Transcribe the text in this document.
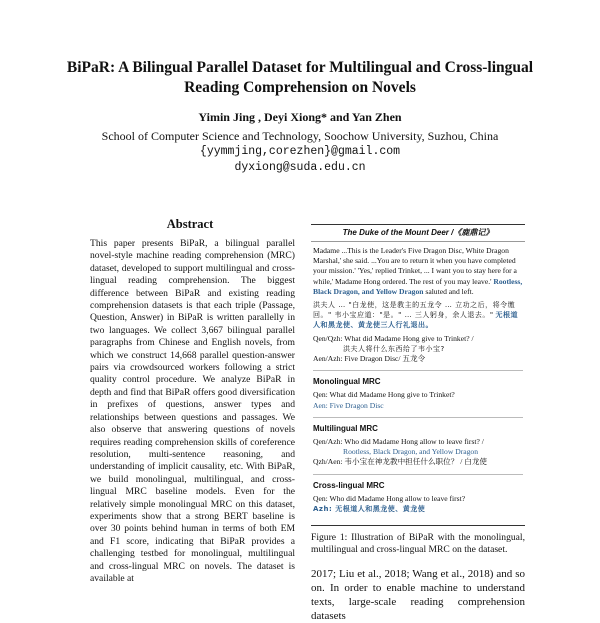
BiPaR: A Bilingual Parallel Dataset for Multilingual and Cross-lingual
Reading Comprehension on Novels
Yimin Jing , Deyi Xiong* and Yan Zhen
School of Computer Science and Technology, Soochow University, Suzhou, China
{yymmjing,corezhen}@gmail.com
dyxiong@suda.edu.cn
Abstract
This paper presents BiPaR, a bilingual parallel novel-style machine reading comprehension (MRC) dataset, developed to support multilingual and cross-lingual reading comprehension. The biggest difference between BiPaR and existing reading comprehension datasets is that each triple (Passage, Question, Answer) in BiPaR is written parallelly in two languages. We collect 3,667 bilingual parallel paragraphs from Chinese and English novels, from which we construct 14,668 parallel question-answer pairs via crowdsourced workers following a strict quality control procedure. We analyze BiPaR in depth and find that BiPaR offers good diversification in prefixes of questions, answer types and relationships between questions and passages. We also observe that answering questions of novels requires reading comprehension skills of coreference resolution, multi-sentence reasoning, and understanding of implicit causality, etc. With BiPaR, we build monolingual, multilingual, and cross-lingual MRC baseline models. Even for the relatively simple monolingual MRC on this dataset, experiments show that a strong BERT baseline is over 30 points behind human in terms of both EM and F1 score, indicating that BiPaR provides a challenging testbed for monolingual, multilingual and cross-lingual MRC on novels. The dataset is available at
The Duke of the Mount Deer /《鹿鼎记》
Madame ...This is the Leader's Five Dragon Disc, White Dragon Marshal,' she said. ...You are to return it when you have completed your mission.' 'Yes,' replied Trinket, ... I want you to stay here for a while,' Madame Hong ordered. The rest of you may leave.' Rootless, Black Dragon, and Yellow Dragon saluted and left.
洪夫人 … "白龙使，这是教主的五龙令 … 立功之后，将令缴回。" 韦小宝应道："是。" … 三人躬身，余人退去。" 无根道人和黑龙使、黄龙使三人行礼退出。
Qen/Qzh: What did Madame Hong give to Trinket? /
洪夫人将什么东西给了韦小宝?
Aen/Azh: Five Dragon Disc/ 五龙令
Monolingual MRC
Qen: What did Madame Hong give to Trinket?
Aen: Five Dragon Disc
Multilingual MRC
Qen/Azh: Who did Madame Hong allow to leave first? /
Rootless, Black Dragon, and Yellow Dragon
Qzh/Aen: 韦小宝在神龙教中担任什么职位？ / 白龙使
Cross-lingual MRC
Qen: Who did Madame Hong allow to leave first?
Azh: 无根道人和黑龙使、黄龙使
Figure 1: Illustration of BiPaR with the monolingual, multilingual and cross-lingual MRC on the dataset.
2017; Liu et al., 2018; Wang et al., 2018) and so on. In order to enable machine to understand texts, large-scale reading comprehension datasets
